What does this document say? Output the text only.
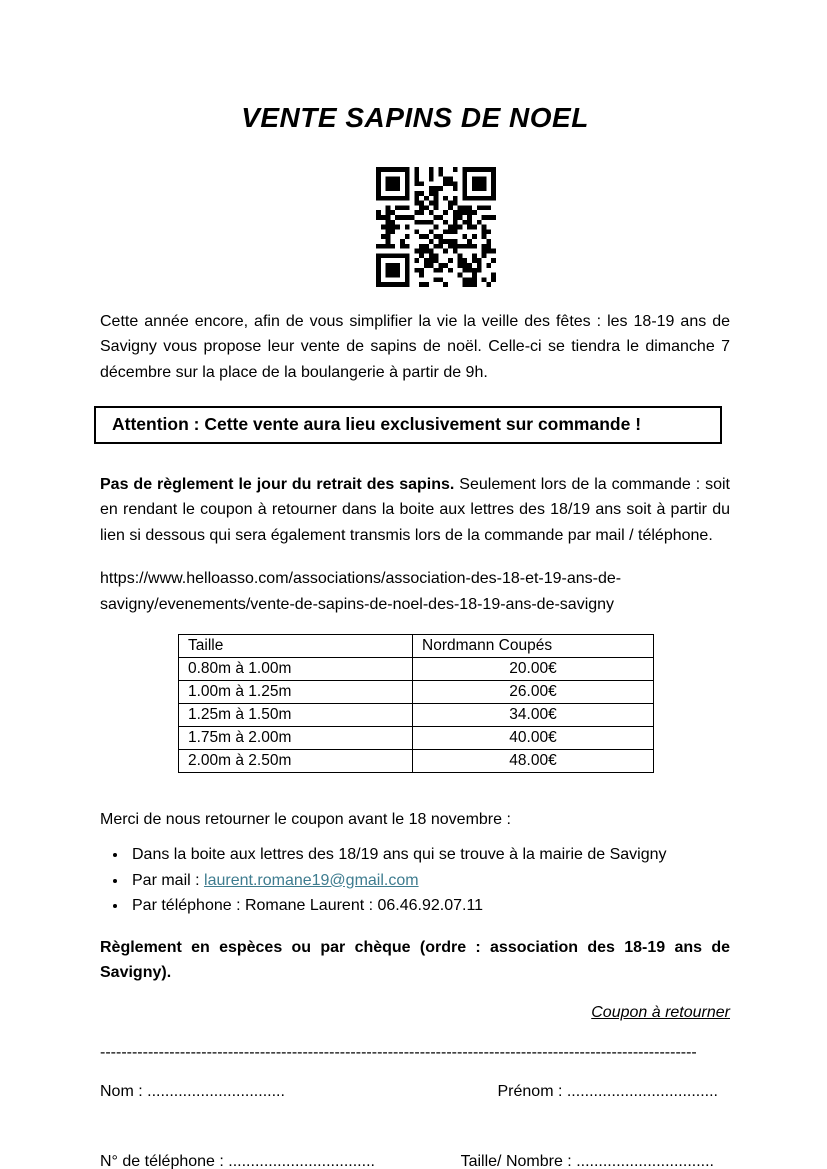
VENTE SAPINS DE NOEL

Cette année encore, afin de vous simplifier la vie la veille des fêtes : les 18-19 ans de Savigny vous propose leur vente de sapins de noël. Celle-ci se tiendra le dimanche 7 décembre sur la place de la boulangerie à partir de 9h.

Attention : Cette vente aura lieu exclusivement sur commande !

Pas de règlement le jour du retrait des sapins. Seulement lors de la commande : soit en rendant le coupon à retourner dans la boite aux lettres des 18/19 ans soit à partir du lien si dessous qui sera également transmis lors de la commande par mail / téléphone.

https://www.helloasso.com/associations/association-des-18-et-19-ans-de-savigny/evenements/vente-de-sapins-de-noel-des-18-19-ans-de-savigny

Taille	Nordmann Coupés
0.80m à 1.00m	20.00€
1.00m à 1.25m	26.00€
1.25m à 1.50m	34.00€
1.75m à 2.00m	40.00€
2.00m à 2.50m	48.00€

Merci de nous retourner le coupon avant le 18 novembre :

• Dans la boite aux lettres des 18/19 ans qui se trouve à la mairie de Savigny
• Par mail : laurent.romane19@gmail.com
• Par téléphone : Romane Laurent : 06.46.92.07.11

Règlement en espèces ou par chèque (ordre : association des 18-19 ans de Savigny).

Coupon à retourner

----------------------------------------------------------------------------------------------------------------
Nom : ...............................	Prénom : ..................................
N° de téléphone : .................................	Taille/ Nombre : ...............................
